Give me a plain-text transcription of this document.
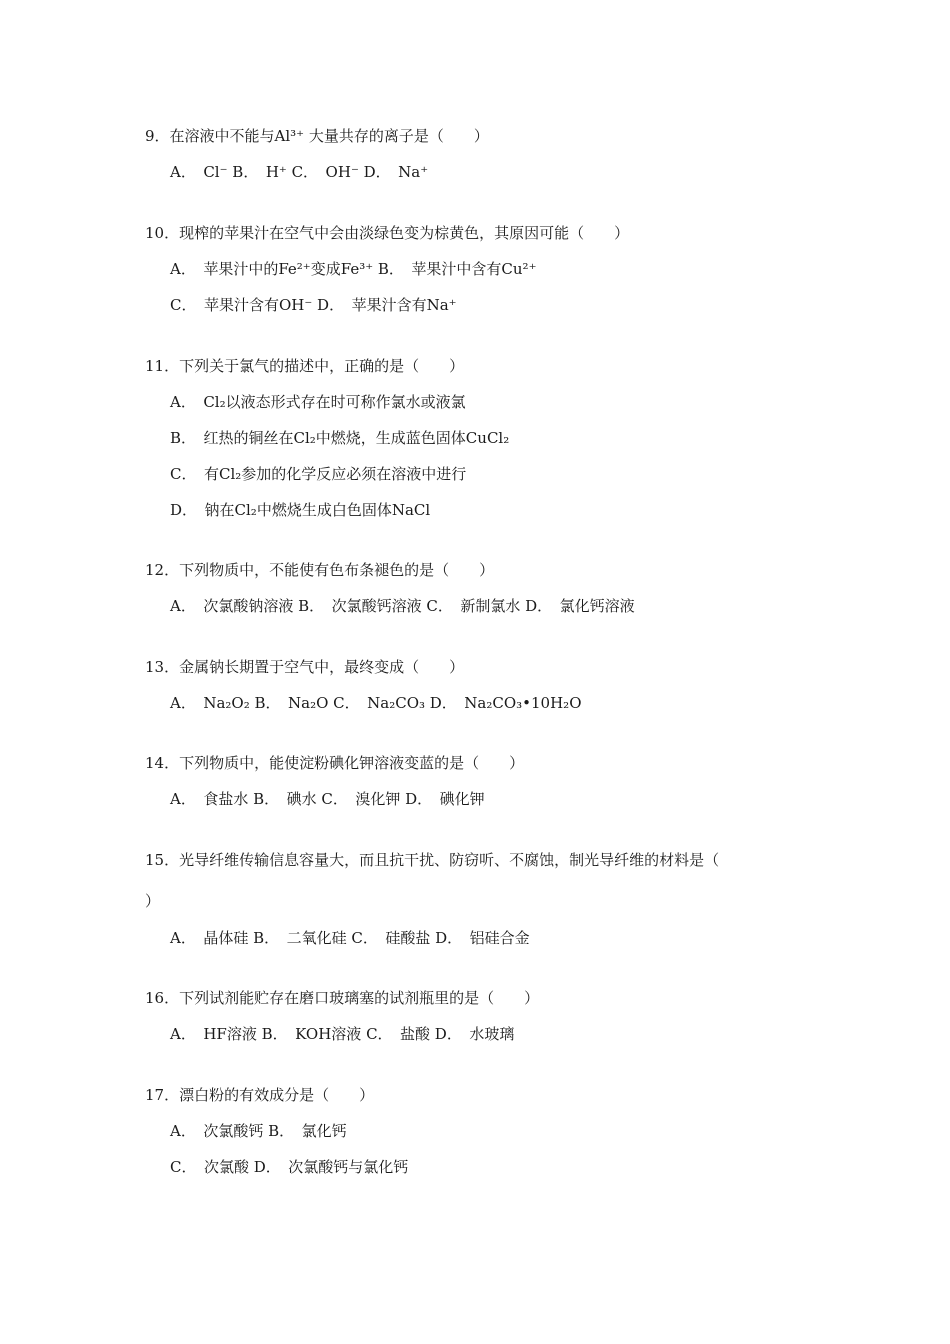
9．在溶液中不能与Al³⁺ 大量共存的离子是（　　）
A．　Cl⁻ B．　H⁺ C．　OH⁻ D．　Na⁺
10．现榨的苹果汁在空气中会由淡绿色变为棕黄色，其原因可能（　　）
A．　苹果汁中的Fe²⁺变成Fe³⁺ B．　苹果汁中含有Cu²⁺
C．　苹果汁含有OH⁻ D．　苹果汁含有Na⁺
11．下列关于氯气的描述中，正确的是（　　）
A．　Cl₂以液态形式存在时可称作氯水或液氯
B．　红热的铜丝在Cl₂中燃烧，生成蓝色固体CuCl₂
C．　有Cl₂参加的化学反应必须在溶液中进行
D．　钠在Cl₂中燃烧生成白色固体NaCl
12．下列物质中，不能使有色布条褪色的是（　　）
A．　次氯酸钠溶液 B．　次氯酸钙溶液 C．　新制氯水 D．　氯化钙溶液
13．金属钠长期置于空气中，最终变成（　　）
A．　Na₂O₂ B．　Na₂O C．　Na₂CO₃ D．　Na₂CO₃•10H₂O
14．下列物质中，能使淀粉碘化钾溶液变蓝的是（　　）
A．　食盐水 B．　碘水 C．　溴化钾 D．　碘化钾
15．光导纤维传输信息容量大，而且抗干扰、防窃听、不腐蚀，制光导纤维的材料是（
）
A．　晶体硅 B．　二氧化硅 C．　硅酸盐 D．　铝硅合金
16．下列试剂能贮存在磨口玻璃塞的试剂瓶里的是（　　）
A．　HF溶液 B．　KOH溶液 C．　盐酸 D．　水玻璃
17．漂白粉的有效成分是（　　）
A．　次氯酸钙 B．　氯化钙
C．　次氯酸 D．　次氯酸钙与氯化钙
